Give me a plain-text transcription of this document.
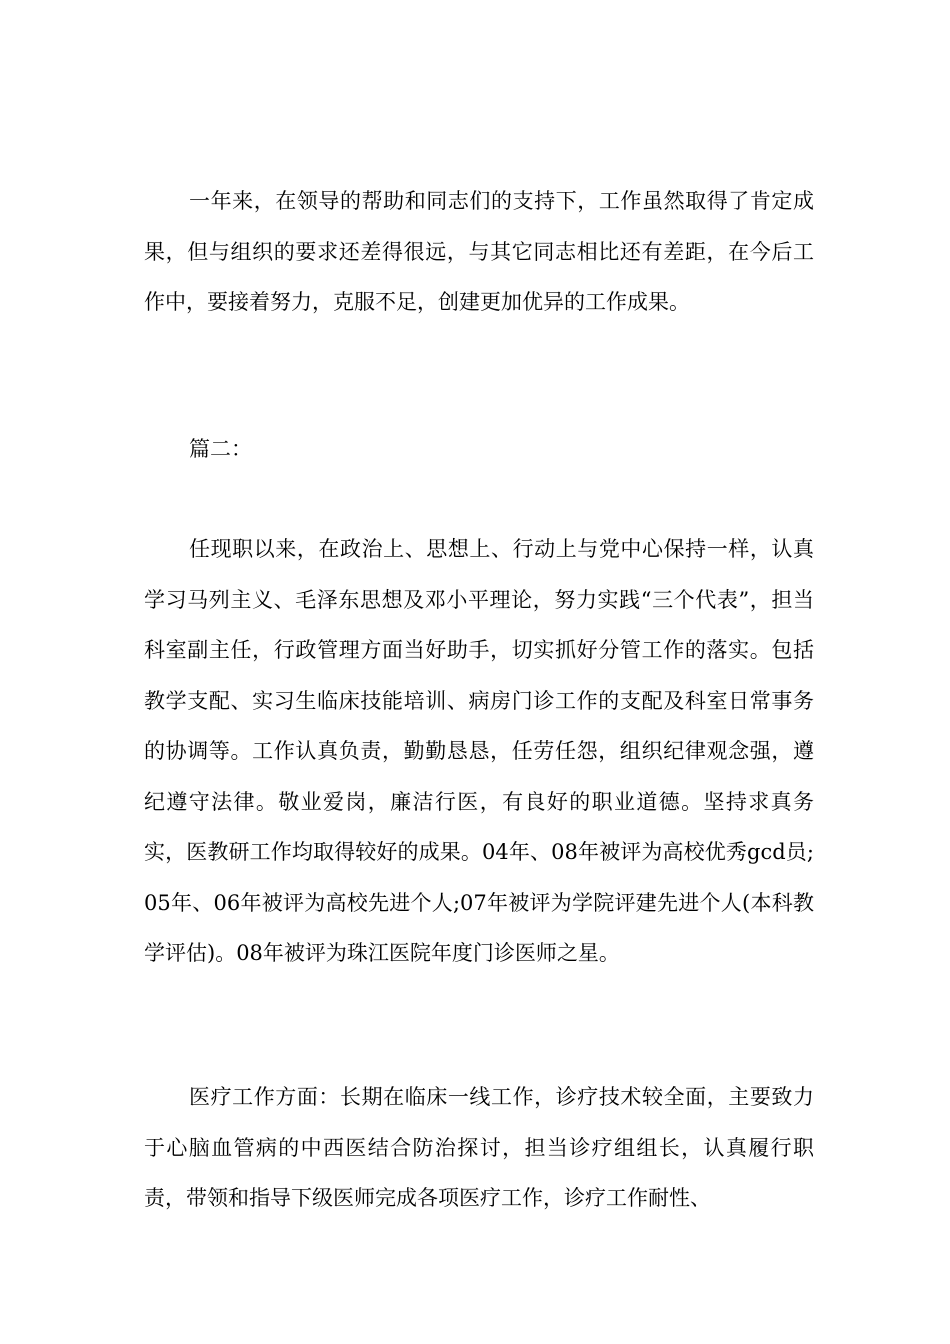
一年来，在领导的帮助和同志们的支持下，工作虽然取得了肯定成果，但与组织的要求还差得很远，与其它同志相比还有差距，在今后工作中，要接着努力，克服不足，创建更加优异的工作成果。

篇二：

任现职以来，在政治上、思想上、行动上与党中心保持一样，认真学习马列主义、毛泽东思想及邓小平理论，努力实践“三个代表”，担当科室副主任，行政管理方面当好助手，切实抓好分管工作的落实。包括教学支配、实习生临床技能培训、病房门诊工作的支配及科室日常事务的协调等。工作认真负责，勤勤恳恳，任劳任怨，组织纪律观念强，遵纪遵守法律。敬业爱岗，廉洁行医，有良好的职业道德。坚持求真务实，医教研工作均取得较好的成果。04年、08年被评为高校优秀gcd员;05年、06年被评为高校先进个人;07年被评为学院评建先进个人(本科教学评估)。08年被评为珠江医院年度门诊医师之星。

医疗工作方面：长期在临床一线工作，诊疗技术较全面，主要致力于心脑血管病的中西医结合防治探讨，担当诊疗组组长，认真履行职责，带领和指导下级医师完成各项医疗工作，诊疗工作耐性、
